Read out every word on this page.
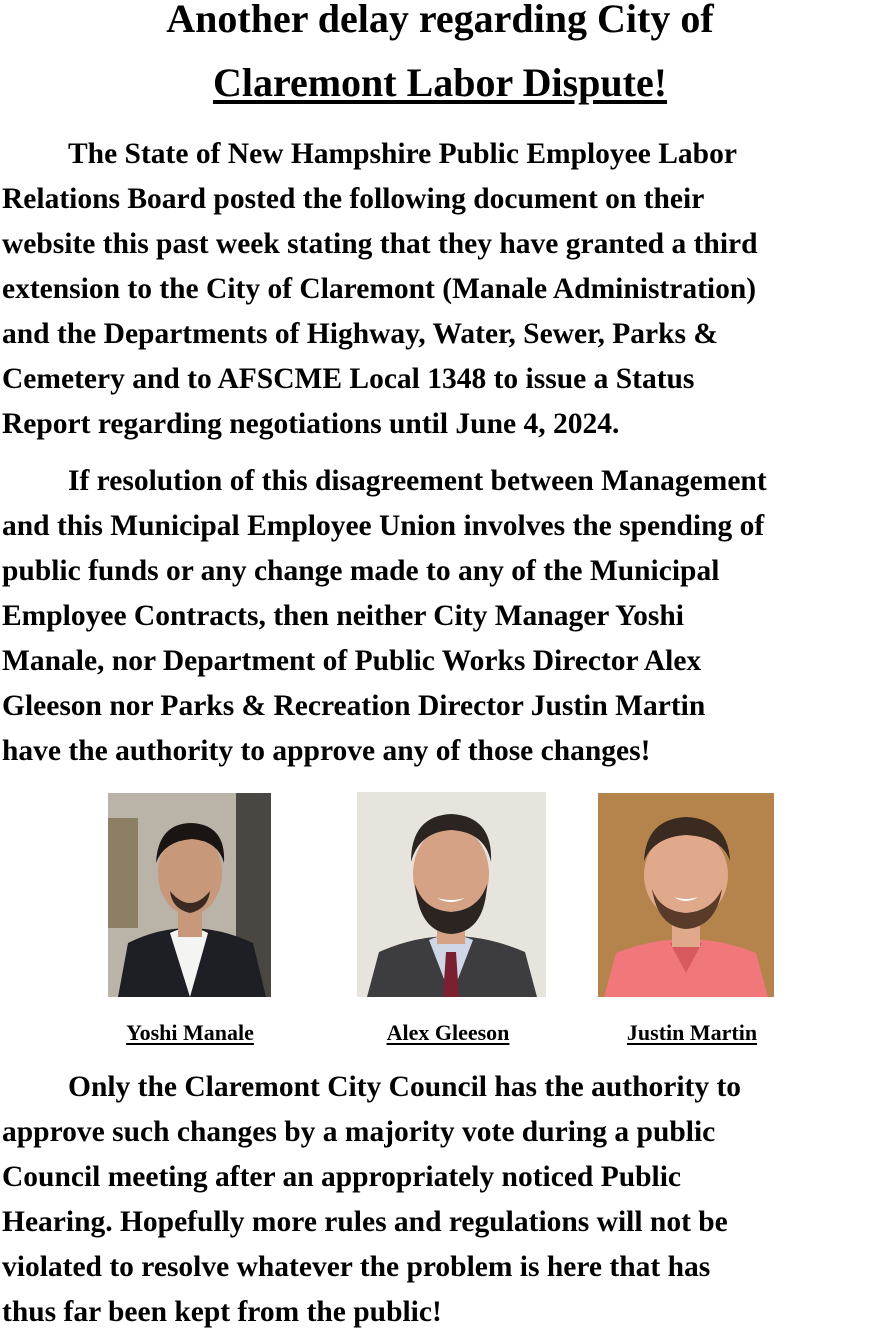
Another delay regarding City of
Claremont Labor Dispute!
The State of New Hampshire Public Employee Labor
Relations Board posted the following document on their
website this past week stating that they have granted a third
extension to the City of Claremont (Manale Administration)
and the Departments of Highway, Water, Sewer, Parks &
Cemetery and to AFSCME Local 1348 to issue a Status
Report regarding negotiations until June 4, 2024.
If resolution of this disagreement between Management
and this Municipal Employee Union involves the spending of
public funds or any change made to any of the Municipal
Employee Contracts, then neither City Manager Yoshi
Manale, nor Department of Public Works Director Alex
Gleeson nor Parks & Recreation Director Justin Martin
have the authority to approve any of those changes!
Yoshi Manale	Alex Gleeson	Justin Martin
Only the Claremont City Council has the authority to
approve such changes by a majority vote during a public
Council meeting after an appropriately noticed Public
Hearing. Hopefully more rules and regulations will not be
violated to resolve whatever the problem is here that has
thus far been kept from the public!
